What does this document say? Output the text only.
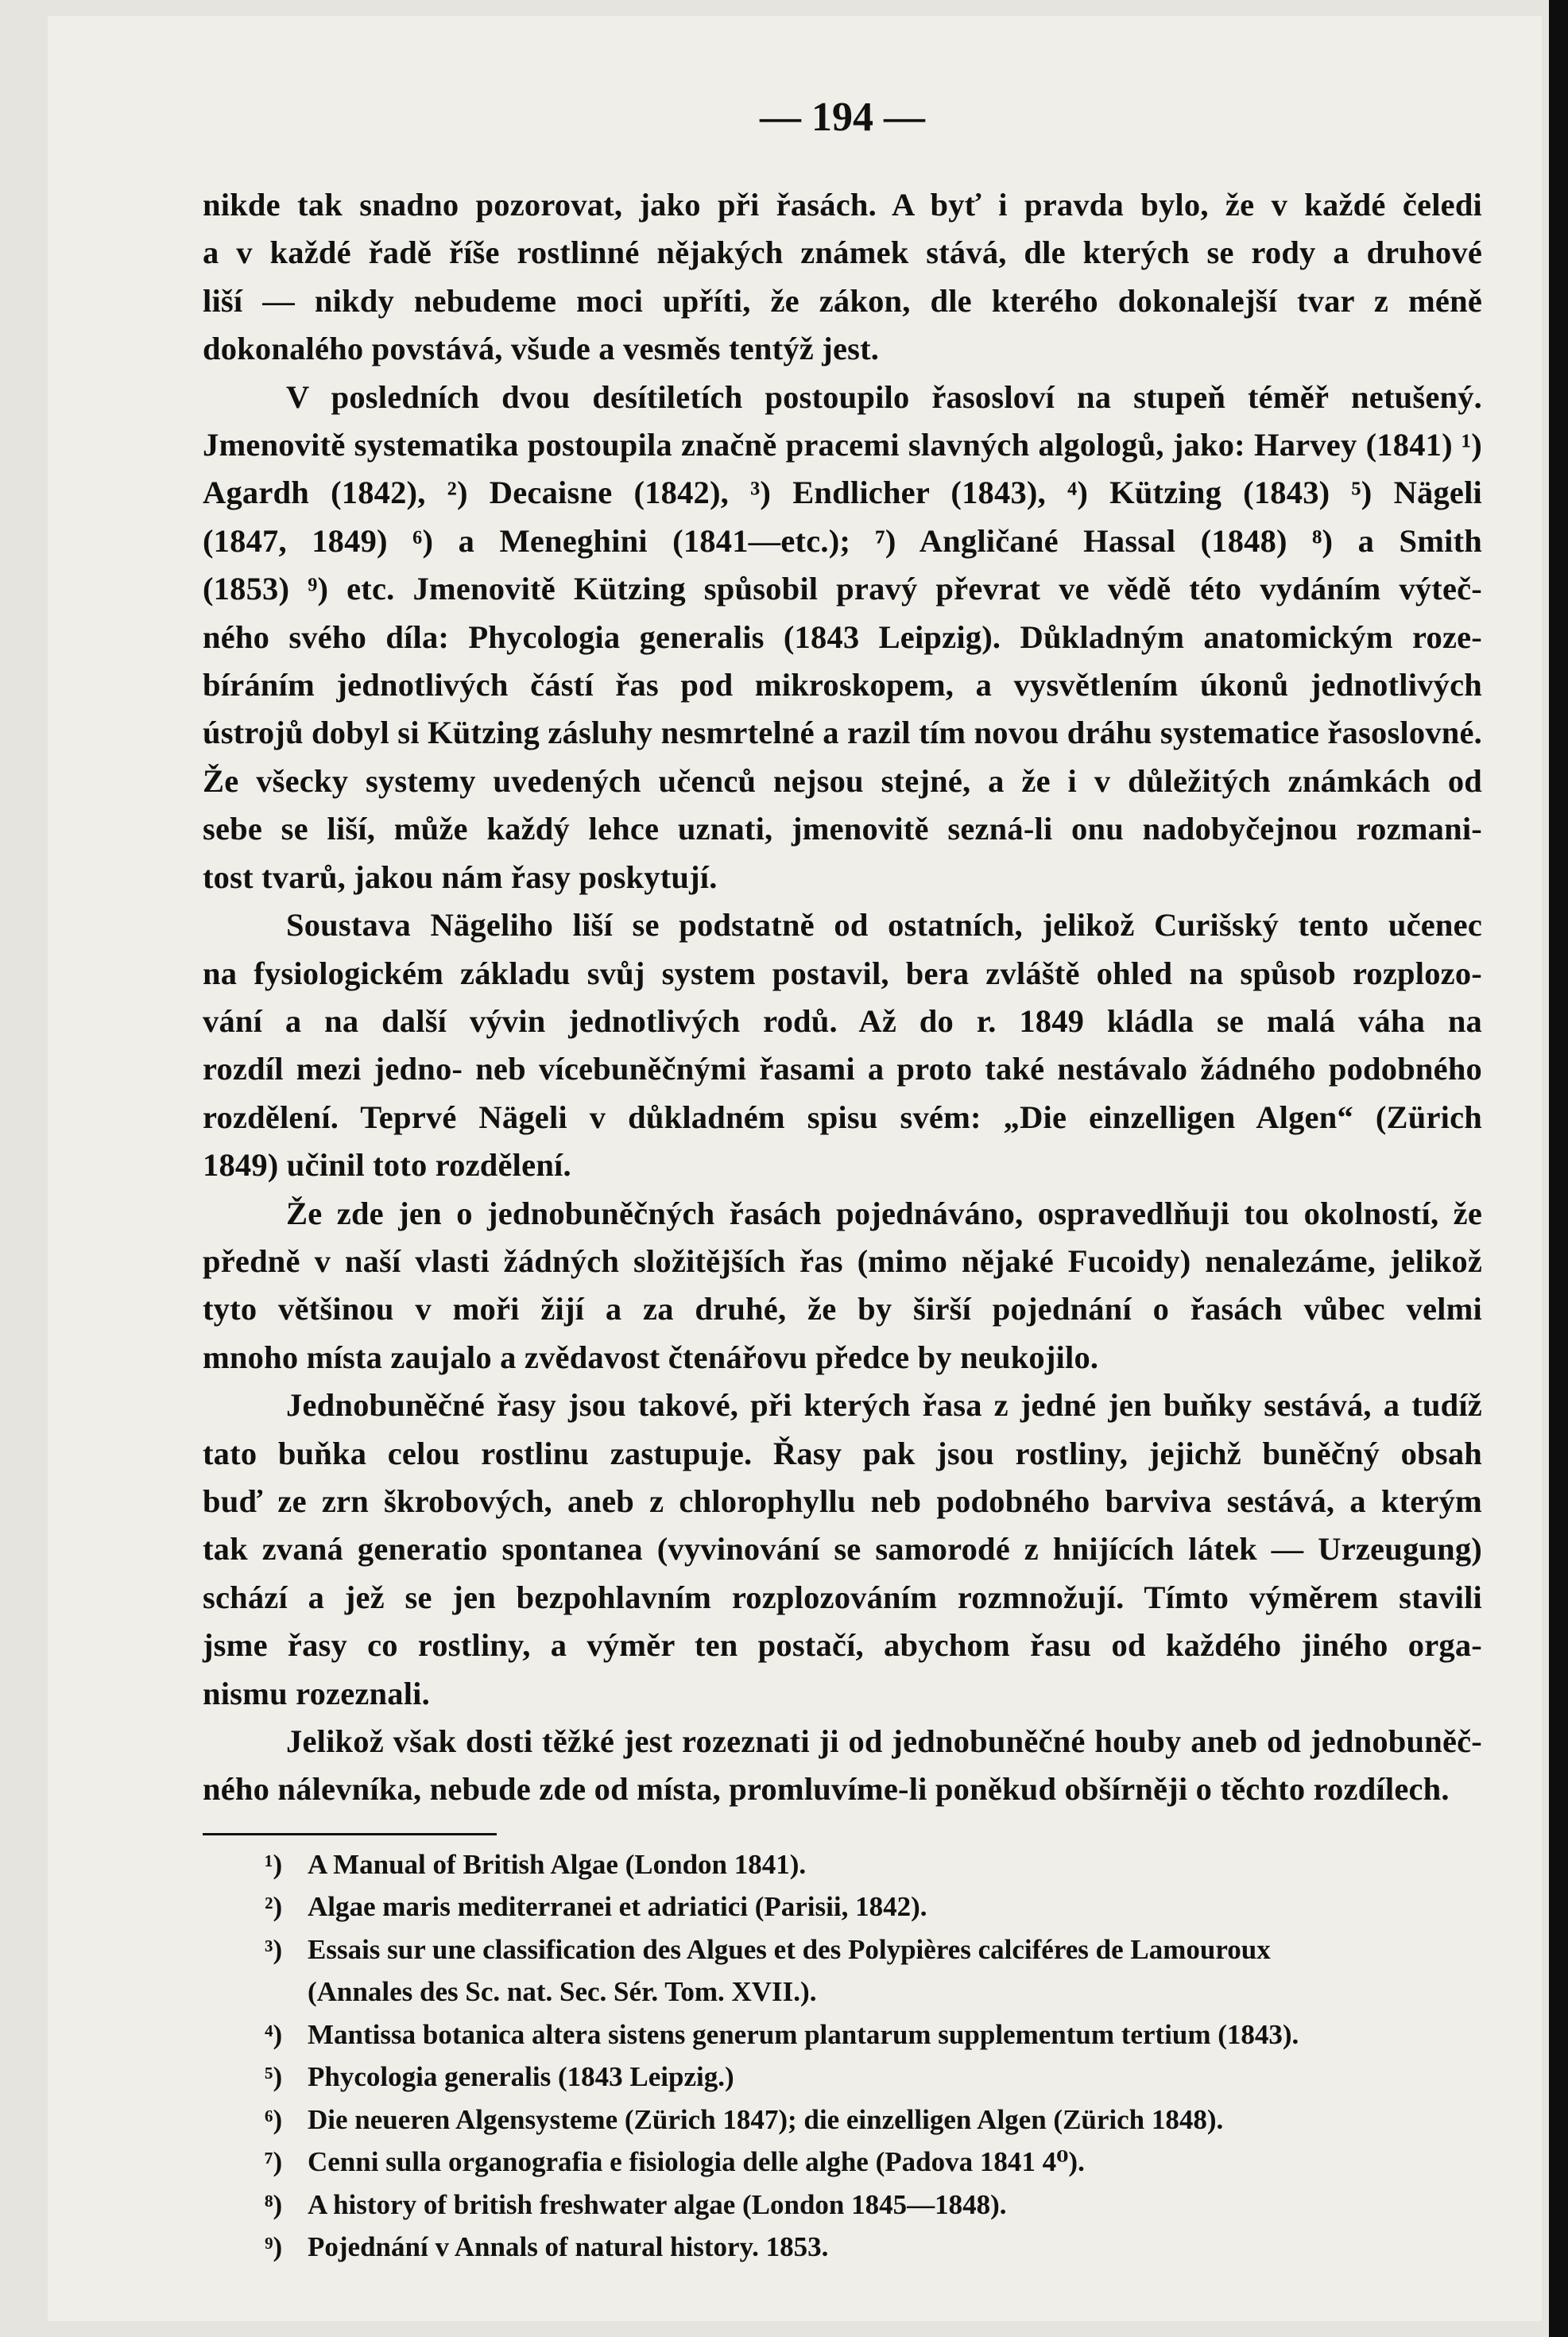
— 194 —

nikde tak snadno pozorovat, jako při řasách. A byť i pravda bylo, že v každé čeledi
a v každé řadě říše rostlinné nějakých známek stává, dle kterých se rody a druhové
liší — nikdy nebudeme moci upříti, že zákon, dle kterého dokonalejší tvar z méně
dokonalého povstává, všude a vesměs tentýž jest.

V posledních dvou desítiletích postoupilo řasosloví na stupeň téměř netušený.
Jmenovitě systematika postoupila značně pracemi slavných algologů, jako: Harvey (1841) ¹)
Agardh (1842), ²) Decaisne (1842), ³) Endlicher (1843), ⁴) Kützing (1843) ⁵) Nägeli
(1847, 1849) ⁶) a Meneghini (1841—etc.); ⁷) Angličané Hassal (1848) ⁸) a Smith
(1853) ⁹) etc. Jmenovitě Kützing spůsobil pravý převrat ve vědě této vydáním výteč-
ného svého díla: Phycologia generalis (1843 Leipzig). Důkladným anatomickým roze-
bíráním jednotlivých částí řas pod mikroskopem, a vysvětlením úkonů jednotlivých
ústrojů dobyl si Kützing zásluhy nesmrtelné a razil tím novou dráhu systematice řasoslovné.
Že všecky systemy uvedených učenců nejsou stejné, a že i v důležitých známkách od
sebe se liší, může každý lehce uznati, jmenovitě sezná-li onu nadobyčejnou rozmani-
tost tvarů, jakou nám řasy poskytují.

Soustava Nägeliho liší se podstatně od ostatních, jelikož Curišský tento učenec
na fysiologickém základu svůj system postavil, bera zvláště ohled na spůsob rozplozo-
vání a na další vývin jednotlivých rodů. Až do r. 1849 kládla se malá váha na
rozdíl mezi jedno- neb vícebuněčnými řasami a proto také nestávalo žádného podobného
rozdělení. Teprvé Nägeli v důkladném spisu svém: „Die einzelligen Algen“ (Zürich
1849) učinil toto rozdělení.

Že zde jen o jednobuněčných řasách pojednáváno, ospravedlňuji tou okolností, že
předně v naší vlasti žádných složitějších řas (mimo nějaké Fucoidy) nenalezáme, jelikož
tyto většinou v moři žijí a za druhé, že by širší pojednání o řasách vůbec velmi
mnoho místa zaujalo a zvědavost čtenářovu předce by neukojilo.

Jednobuněčné řasy jsou takové, při kterých řasa z jedné jen buňky sestává, a tudíž
tato buňka celou rostlinu zastupuje. Řasy pak jsou rostliny, jejichž buněčný obsah
buď ze zrn škrobových, aneb z chlorophyllu neb podobného barviva sestává, a kterým
tak zvaná generatio spontanea (vyvinování se samorodé z hnijících látek — Urzeugung)
schází a jež se jen bezpohlavním rozplozováním rozmnožují. Tímto výměrem stavili
jsme řasy co rostliny, a výměr ten postačí, abychom řasu od každého jiného orga-
nismu rozeznali.

Jelikož však dosti těžké jest rozeznati ji od jednobuněčné houby aneb od jednobuněč-
ného nálevníka, nebude zde od místa, promluvíme-li poněkud obšírněji o těchto rozdílech.

¹) A Manual of British Algae (London 1841).
²) Algae maris mediterranei et adriatici (Parisii, 1842).
³) Essais sur une classification des Algues et des Polypières calciféres de Lamouroux
(Annales des Sc. nat. Sec. Sér. Tom. XVII.).
⁴) Mantissa botanica altera sistens generum plantarum supplementum tertium (1843).
⁵) Phycologia generalis (1843 Leipzig.)
⁶) Die neueren Algensysteme (Zürich 1847); die einzelligen Algen (Zürich 1848).
⁷) Cenni sulla organografia e fisiologia delle alghe (Padova 1841 4⁰).
⁸) A history of british freshwater algae (London 1845—1848).
⁹) Pojednání v Annals of natural history. 1853.
